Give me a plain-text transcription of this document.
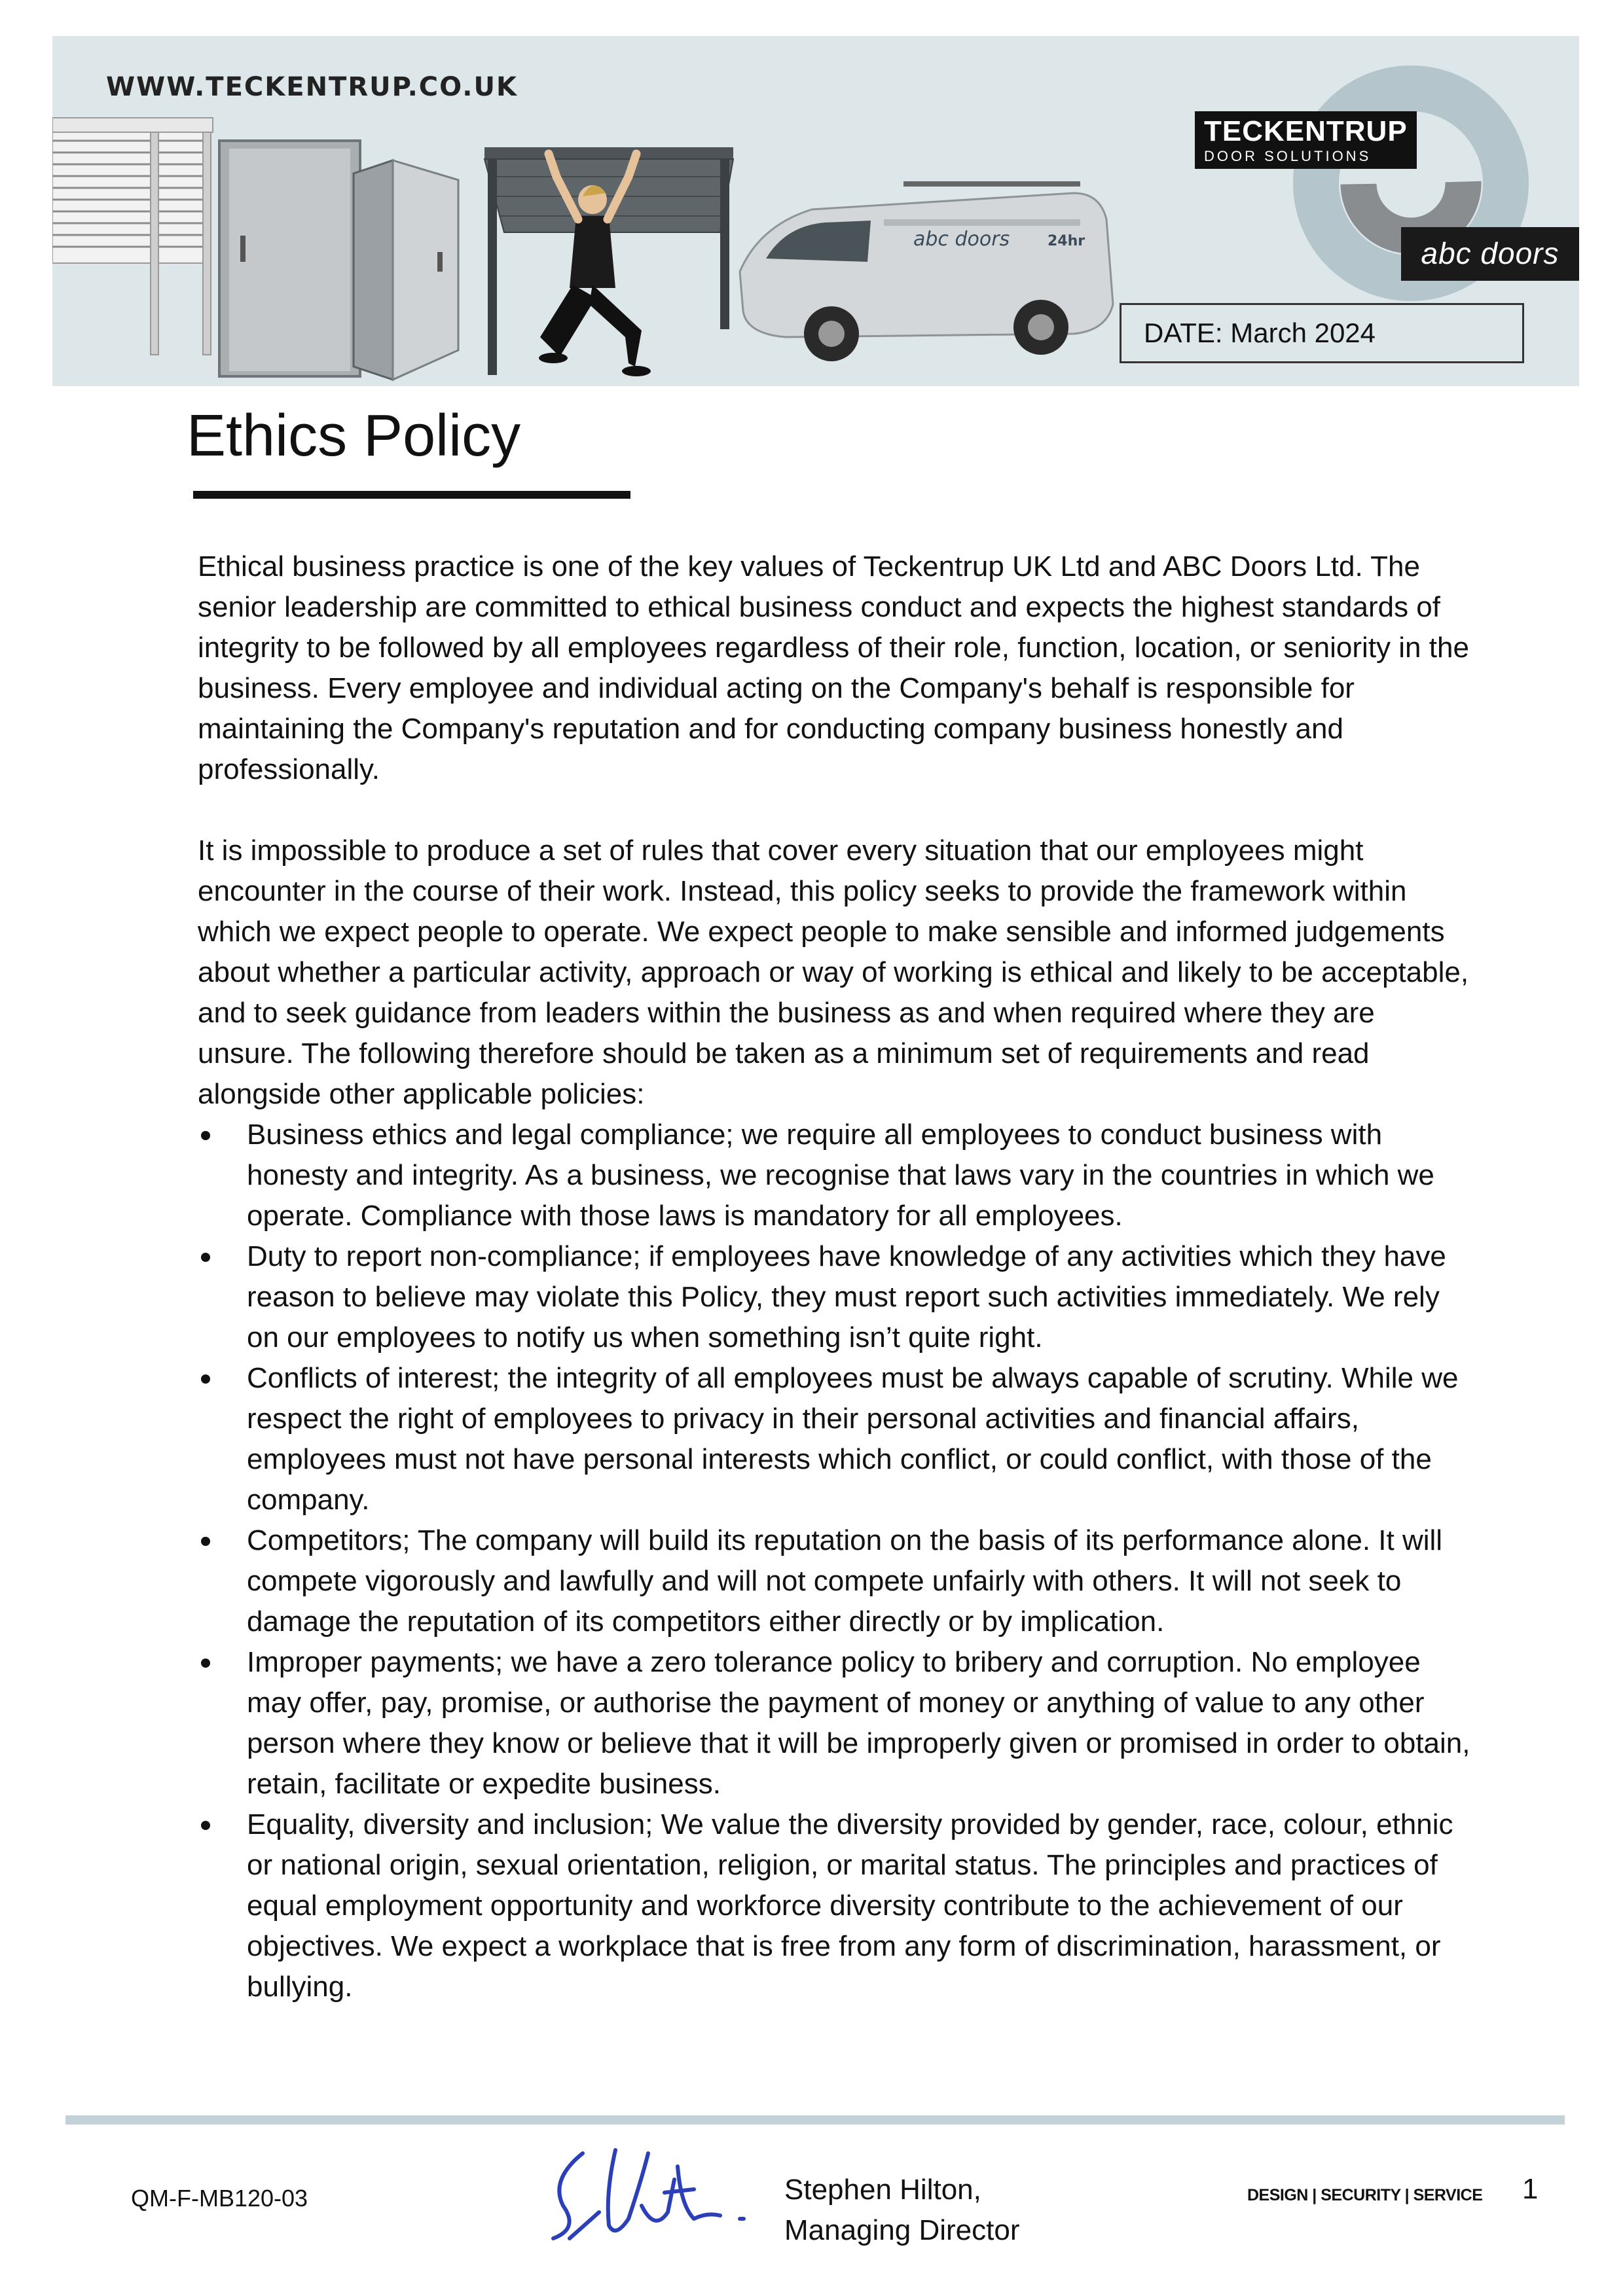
WWW.TECKENTRUP.CO.UK
abc doors	24hr
TECKENTRUP
DOOR SOLUTIONS
abc doors
DATE: March 2024
Ethics Policy

Ethical business practice is one of the key values of Teckentrup UK Ltd and ABC Doors Ltd. The senior leadership are committed to ethical business conduct and expects the highest standards of integrity to be followed by all employees regardless of their role, function, location, or seniority in the business. Every employee and individual acting on the Company's behalf is responsible for maintaining the Company's reputation and for conducting company business honestly and professionally.

It is impossible to produce a set of rules that cover every situation that our employees might encounter in the course of their work. Instead, this policy seeks to provide the framework within which we expect people to operate. We expect people to make sensible and informed judgements about whether a particular activity, approach or way of working is ethical and likely to be acceptable, and to seek guidance from leaders within the business as and when required where they are unsure. The following therefore should be taken as a minimum set of requirements and read alongside other applicable policies:

Business ethics and legal compliance; we require all employees to conduct business with honesty and integrity. As a business, we recognise that laws vary in the countries in which we operate. Compliance with those laws is mandatory for all employees.
Duty to report non-compliance; if employees have knowledge of any activities which they have reason to believe may violate this Policy, they must report such activities immediately. We rely on our employees to notify us when something isn’t quite right.
Conflicts of interest; the integrity of all employees must be always capable of scrutiny. While we respect the right of employees to privacy in their personal activities and financial affairs, employees must not have personal interests which conflict, or could conflict, with those of the company.
Competitors; The company will build its reputation on the basis of its performance alone. It will compete vigorously and lawfully and will not compete unfairly with others. It will not seek to damage the reputation of its competitors either directly or by implication.
Improper payments; we have a zero tolerance policy to bribery and corruption. No employee may offer, pay, promise, or authorise the payment of money or anything of value to any other person where they know or believe that it will be improperly given or promised in order to obtain, retain, facilitate or expedite business.
Equality, diversity and inclusion; We value the diversity provided by gender, race, colour, ethnic or national origin, sexual orientation, religion, or marital status. The principles and practices of equal employment opportunity and workforce diversity contribute to the achievement of our objectives. We expect a workplace that is free from any form of discrimination, harassment, or bullying.
QM-F-MB120-03	Stephen Hilton,
Managing Director
DESIGN | SECURITY | SERVICE 1
